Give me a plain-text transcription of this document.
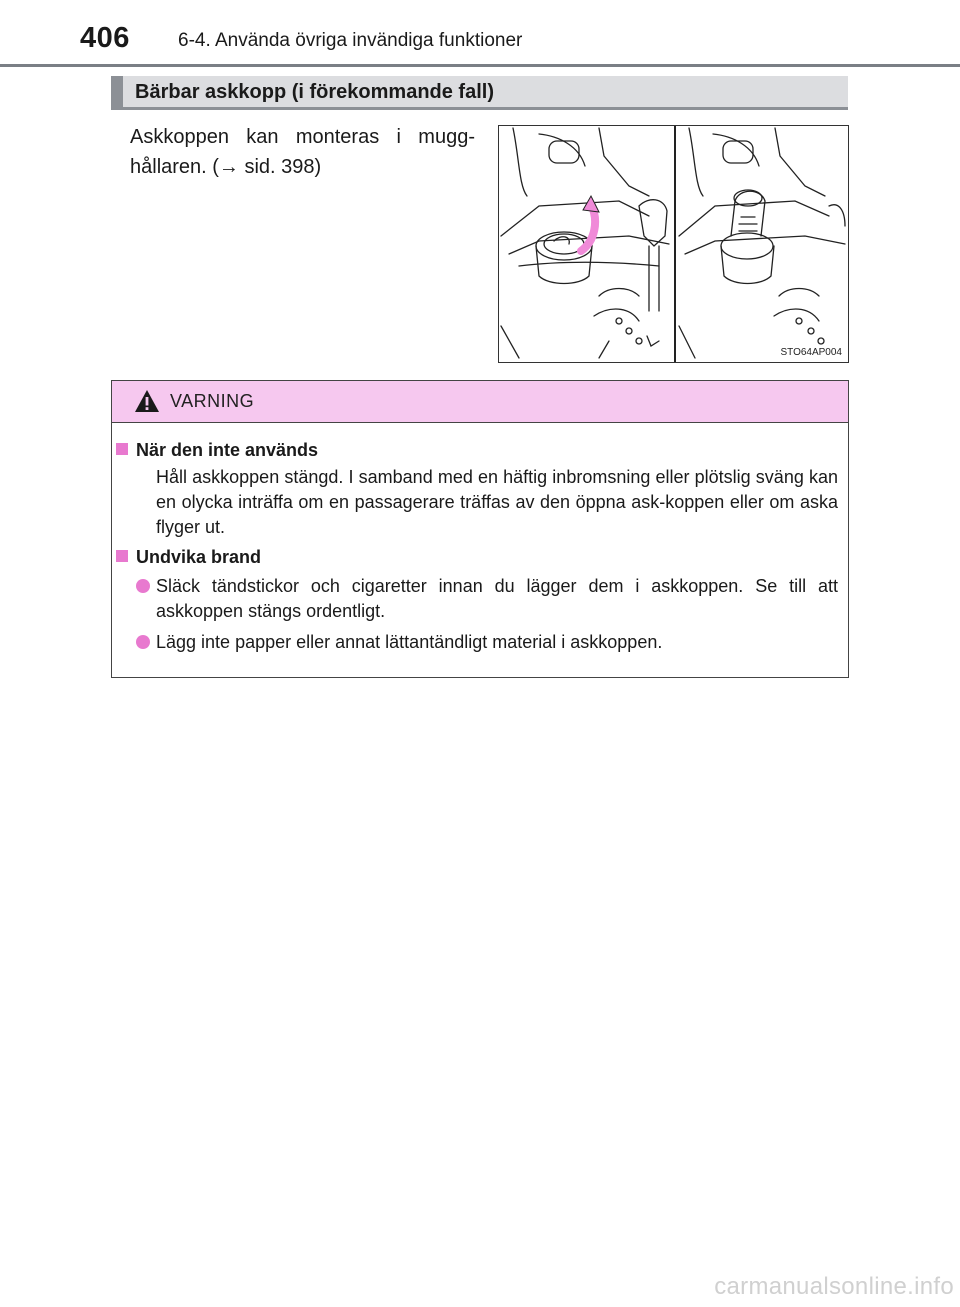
406	6-4. Använda övriga invändiga funktioner
Bärbar askkopp (i förekommande fall)
Askkoppen kan monteras i mugg-hållaren. (→ sid. 398)
STO64AP004
VARNING
När den inte används
Håll askkoppen stängd. I samband med en häftig inbromsning eller plötslig sväng kan en olycka inträffa om en passagerare träffas av den öppna ask-koppen eller om aska flyger ut.
Undvika brand
Släck tändstickor och cigaretter innan du lägger dem i askkoppen. Se till att askkoppen stängs ordentligt.
Lägg inte papper eller annat lättantändligt material i askkoppen.
carmanualsonline.info
